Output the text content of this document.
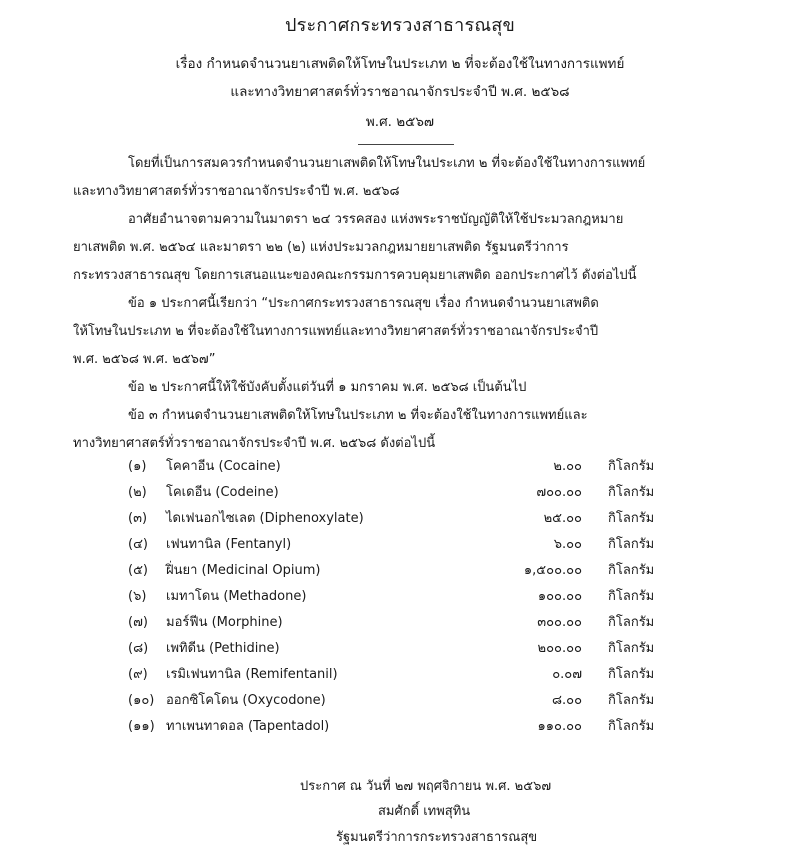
ประกาศกระทรวงสาธารณสุข
เรื่อง กำหนดจำนวนยาเสพติดให้โทษในประเภท ๒ ที่จะต้องใช้ในทางการแพทย์
และทางวิทยาศาสตร์ทั่วราชอาณาจักรประจำปี พ.ศ. ๒๕๖๘
พ.ศ. ๒๕๖๗
โดยที่เป็นการสมควรกำหนดจำนวนยาเสพติดให้โทษในประเภท ๒ ที่จะต้องใช้ในทางการแพทย์
และทางวิทยาศาสตร์ทั่วราชอาณาจักรประจำปี พ.ศ. ๒๕๖๘
อาศัยอำนาจตามความในมาตรา ๒๔ วรรคสอง แห่งพระราชบัญญัติให้ใช้ประมวลกฎหมาย
ยาเสพติด พ.ศ. ๒๕๖๔ และมาตรา ๒๒ (๒) แห่งประมวลกฎหมายยาเสพติด รัฐมนตรีว่าการ
กระทรวงสาธารณสุข โดยการเสนอแนะของคณะกรรมการควบคุมยาเสพติด ออกประกาศไว้ ดังต่อไปนี้
ข้อ ๑ ประกาศนี้เรียกว่า “ประกาศกระทรวงสาธารณสุข เรื่อง กำหนดจำนวนยาเสพติด
ให้โทษในประเภท ๒ ที่จะต้องใช้ในทางการแพทย์และทางวิทยาศาสตร์ทั่วราชอาณาจักรประจำปี
พ.ศ. ๒๕๖๘ พ.ศ. ๒๕๖๗”
ข้อ ๒ ประกาศนี้ให้ใช้บังคับตั้งแต่วันที่ ๑ มกราคม พ.ศ. ๒๕๖๘ เป็นต้นไป
ข้อ ๓ กำหนดจำนวนยาเสพติดให้โทษในประเภท ๒ ที่จะต้องใช้ในทางการแพทย์และ
ทางวิทยาศาสตร์ทั่วราชอาณาจักรประจำปี พ.ศ. ๒๕๖๘ ดังต่อไปนี้
(๑)	โคคาอีน (Cocaine)	๒.๐๐ กิโลกรัม
(๒)	โคเดอีน (Codeine)	๗๐๐.๐๐ กิโลกรัม
(๓)	ไดเฟนอกไซเลต (Diphenoxylate)	๒๕.๐๐ กิโลกรัม
(๔)	เฟนทานิล (Fentanyl)	๖.๐๐ กิโลกรัม
(๕)	ฝิ่นยา (Medicinal Opium)	๑,๕๐๐.๐๐ กิโลกรัม
(๖)	เมทาโดน (Methadone)	๑๐๐.๐๐ กิโลกรัม
(๗)	มอร์ฟีน (Morphine)	๓๐๐.๐๐ กิโลกรัม
(๘)	เพทิดีน (Pethidine)	๒๐๐.๐๐ กิโลกรัม
(๙)	เรมิเฟนทานิล (Remifentanil)	๐.๐๗ กิโลกรัม
(๑๐) ออกซิโคโดน (Oxycodone)	๘.๐๐ กิโลกรัม
(๑๑) ทาเพนทาดอล (Tapentadol)	๑๑๐.๐๐ กิโลกรัม
ประกาศ ณ วันที่ ๒๗ พฤศจิกายน พ.ศ. ๒๕๖๗
สมศักดิ์ เทพสุทิน
รัฐมนตรีว่าการกระทรวงสาธารณสุข
